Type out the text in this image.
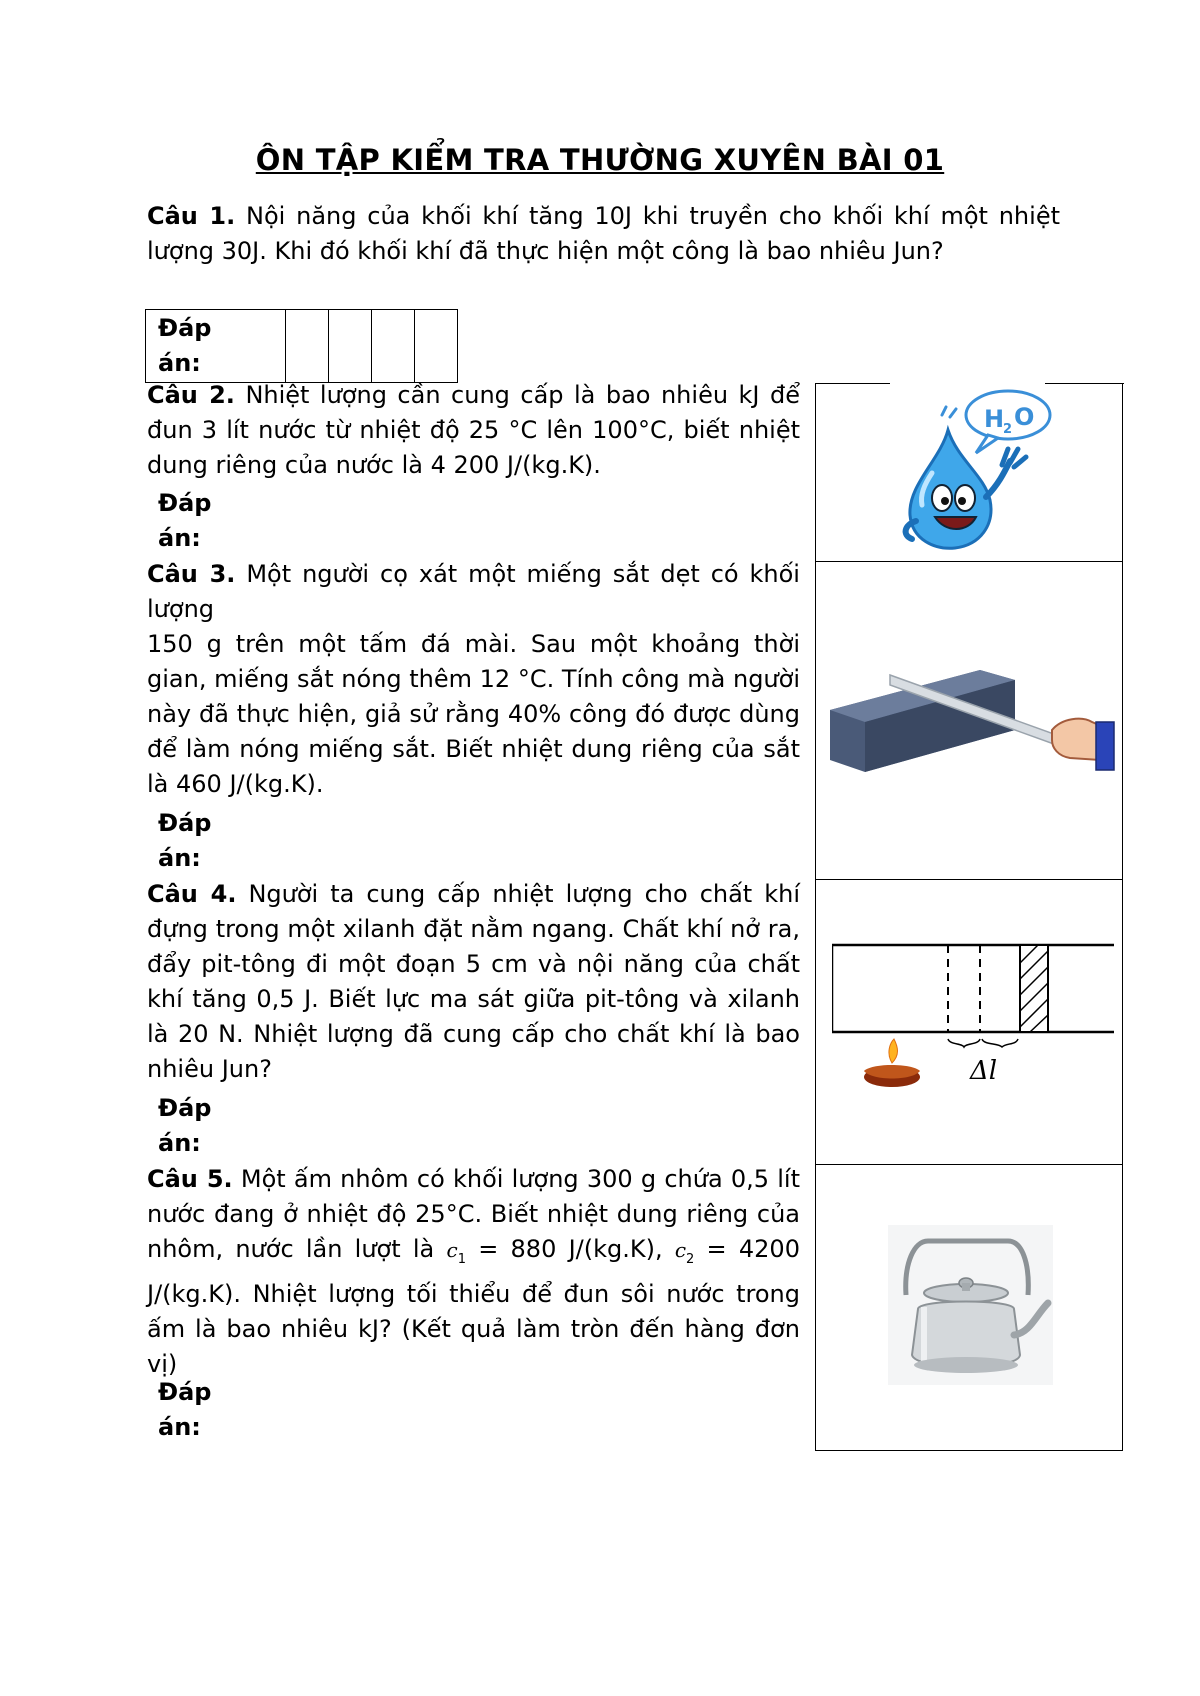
ÔN TẬP KIỂM TRA THƯỜNG XUYÊN BÀI 01
Câu 1. Nội năng của khối khí tăng 10J khi truyền cho khối khí một nhiệt lượng 30J. Khi đó khối khí đã thực hiện một công là bao nhiêu Jun?
Đáp
án:				
H
2 O
Δl
Câu 2. Nhiệt lượng cần cung cấp là bao nhiêu kJ để đun 3 lít nước từ nhiệt độ 25 °C lên 100°C, biết nhiệt dung riêng của nước là 4 200 J/(kg.K).
Đáp
án:
Câu 3. Một người cọ xát một miếng sắt dẹt có khối lượng
150 g trên một tấm đá mài. Sau một khoảng thời gian, miếng sắt nóng thêm 12 °C. Tính công mà người này đã thực hiện, giả sử rằng 40% công đó được dùng để làm nóng miếng sắt. Biết nhiệt dung riêng của sắt là 460 J/(kg.K).
Đáp
án:
Câu 4. Người ta cung cấp nhiệt lượng cho chất khí đựng trong một xilanh đặt nằm ngang. Chất khí nở ra, đẩy pit-tông đi một đoạn 5 cm và nội năng của chất khí tăng 0,5 J. Biết lực ma sát giữa pit-tông và xilanh là 20 N. Nhiệt lượng đã cung cấp cho chất khí là bao nhiêu Jun?
Đáp
án:
Câu 5. Một ấm nhôm có khối lượng 300 g chứa 0,5 lít nước đang ở nhiệt độ 25°C. Biết nhiệt dung riêng của nhôm, nước lần lượt là $c_1 = 880$ J/(kg.K), $c_2 = 4200$ J/(kg.K). Nhiệt lượng tối thiểu để đun sôi nước trong ấm là bao nhiêu kJ? (Kết quả làm tròn đến hàng đơn vị)
Đáp
án:
